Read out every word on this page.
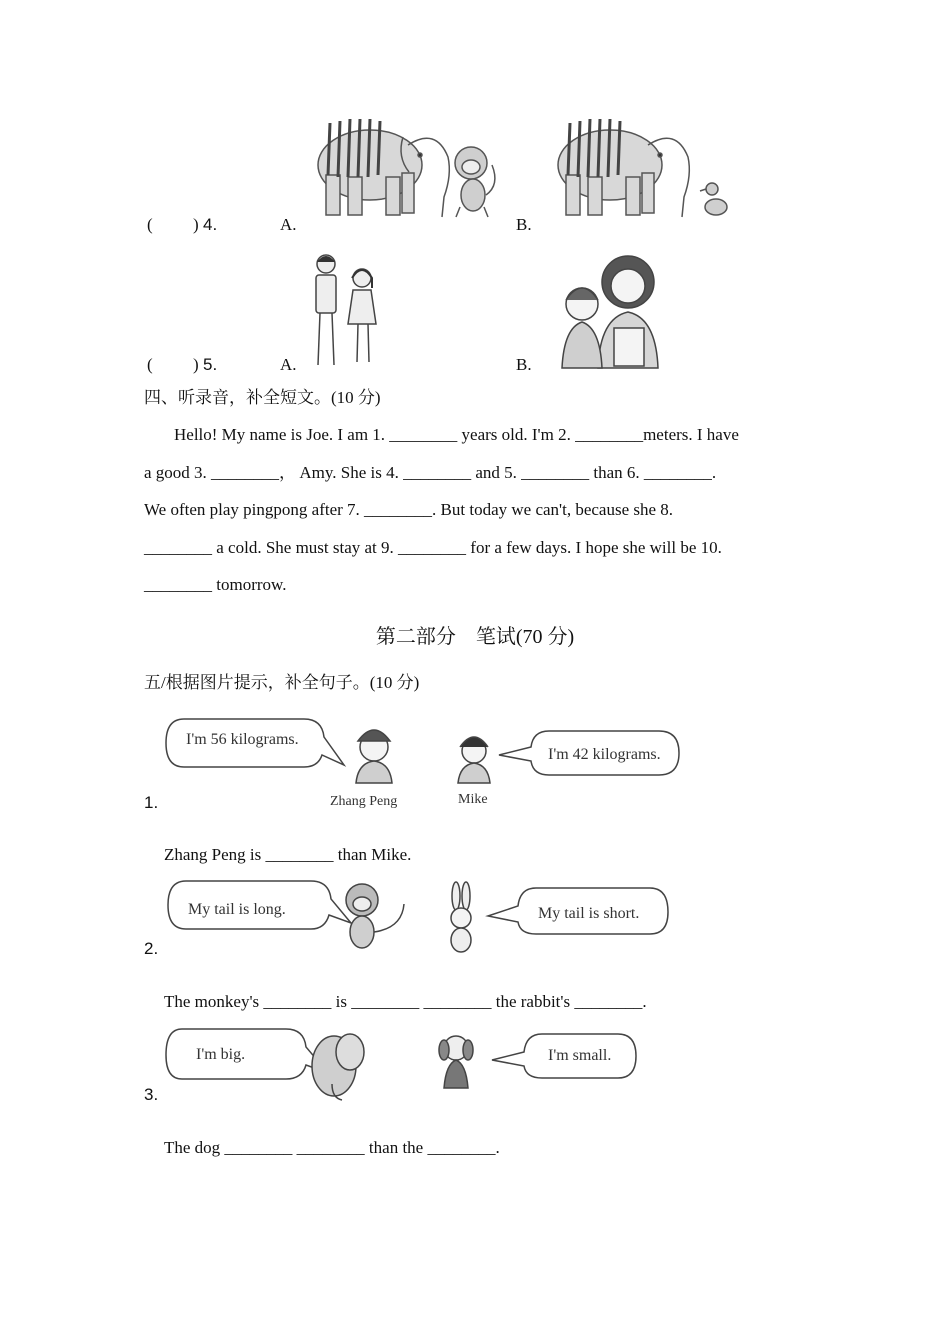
( ) 4.	A.	B.
( ) 5.	A.	B.
四、听录音，补全短文。(10 分)

Hello! My name is Joe. I am 1. ________ years old. I'm 2. ________meters. I have

a good 3. ________， Amy. She is 4. ________ and 5. ________ than 6. ________.

We often play pingpong after 7. ________. But today we can't, because she 8.

________ a cold. She must stay at 9. ________ for a few days. I hope she will be 10.

________ tomorrow.

第二部分　笔试(70 分)
五/根据图片提示，补全句子。(10 分)
I'm 56 kilograms.
I'm 42 kilograms.
Zhang Peng	Mike
1.
Zhang Peng is ________ than Mike.
My tail is long.	My tail is short.
2.
The monkey's ________ is ________ ________ the rabbit's ________.
I'm big.	I'm small.
3.
The dog ________ ________ than the ________.
